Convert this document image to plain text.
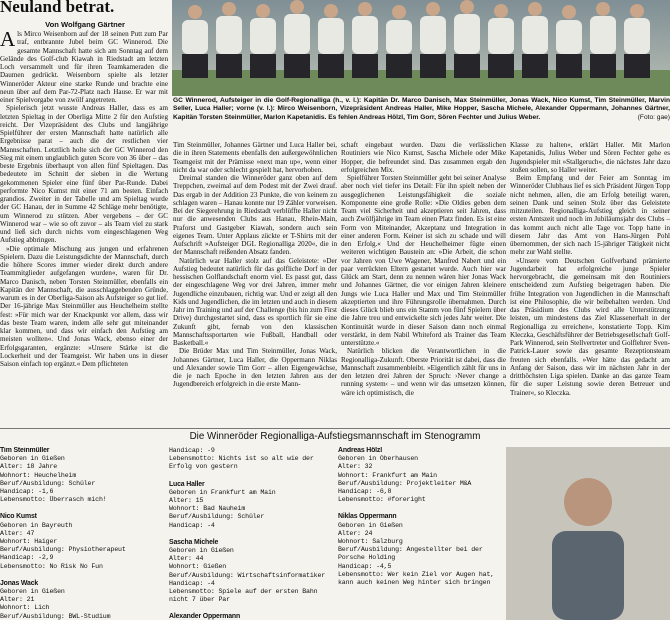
Neuland betrat.
Von Wolfgang Gärtner

Als Mirco Weisenborn auf der 18 seinen Putt zum Par traf, entbrannte Jubel beim GC Winnerod. Die gesamte Mannschaft hatte sich am Sonntag auf dem Gelände des Golf-club Kiawah in Riedstadt am letzten Loch versammelt und für ihren Teamkameraden die Daumen gedrückt. Weisenborn spielte als letzter Winneröder Akteur eine starke Runde und brachte eine neun über auf dem Par-72-Platz nach Hause. Er war mit einer Spielvorgabe von zwölf angetreten.

Spielerisch jetzt wusste Andreas Haller, dass es am letzten Spieltag in der Oberliga Mitte 2 für den Aufstieg reicht. Der Vizepräsident des Clubs und langjährige Spielführer der ersten Mannschaft hatte natürlich alle Ergebnisse parat – auch die der restlichen vier Mannschaften. Letztlich holte sich der GC Winnerod den Sieg mit einem unglaublich guten Score von 36 über – das beste Ergebnis überhaupt von allen fünf Spieltagen. Das bedeutete im Schnitt der sieben in die Wertung gekommenen Spieler eine fünf über Par-Runde. Dabei performte Nico Kumst mit einer 71 am besten. Einfach grandios. Zweiter in der Tabelle und am Spieltag wurde der GC Hanau, der in Summe 42 Schläge mehr benötigte, um Winnerod zu stützen. Aber vergebens – der GC Winnerod war – wie so oft zuvor – als Team viel zu stark und ließ sich durch nichts vom eingeschlagenen Weg Aufstieg abbringen.

»Die optimale Mischung aus jungen und erfahrenen Spielern. Dazu die Leistungsdichte der Mannschaft, durch die höhere Scores immer wieder direkt durch andere Teammitglieder aufgefangen wurden«, waren für Dr. Marco Danisch, neben Torsten Steinmüller, ebenfalls ein Kapitän der Mannschaft, die ausschlaggebenden Gründe, warum es in der Oberliga-Saison als Aufsteiger so gut lief. Der 16-jährige Max Steinmüller aus Heuchelheim stellte fest: »Für mich war der Knackpunkt vor allem, dass wir das beste Team waren, indem alle sehr gut miteinander klar kommen, und dass wir einfach den Aufstieg am meisten wollten«. Und Jonas Wack, ebenso einer der Erfolgsgaranten, ergänzte: »Unsere Stärke ist die Lockerheit und der Teamgeist. Wir haben uns in dieser Saison einfach top ergänzt.« Dem pflichteten

GC Winnerod, Aufsteiger in die Golf-Regionalliga (h., v. l.): Kapitän Dr. Marco Danisch, Max Steinmüller, Jonas Wack, Nico Kumst, Tim Steinmüller, Marvin Seller, Luca Haller; vorne (v. l.): Mirco Weisenborn, Vizepräsident Andreas Haller, Mike Hopper, Sascha Michele, Alexander Oppermann, Johannes Gärtner, Kapitän Torsten Steinmüller, Marlon Kapetanidis. Es fehlen Andreas Hölzl, Tim Gorr, Sören Fechter und Julius Weber.	(Foto: gae)

Tim Steinmüller, Johannes Gärtner und Luca Haller bei, die in ihren Statements ebenfalls den außergewöhnlichen Teamgeist mit der Prämisse »next man up«, wenn einer nicht da war oder schlecht gespielt hat, hervorhoben.

Dreimal standen die Winneröder ganz oben auf dem Treppchen, zweimal auf dem Podest mit der Zwei drauf. Das ergab in der Addition 23 Punkte, die von keinem zu schlagen waren – Hanau konnte nur 19 Zähler vorweisen. Bei der Siegerehrung in Riedstadt verblüffte Haller nicht nur die anwesenden Clubs aus Hanau, Rhein-Main, Praforst und Gastgeber Kiawah, sondern auch sein eigenes Team. Unter Applaus zückte er T-Shirts mit der Aufschrift »Aufsteiger DGL Regionalliga 2020«, die in der Mannschaft reißenden Absatz fanden.

Natürlich war Haller stolz auf das Geleistete: »Der Aufstieg bedeutet natürlich für das golfliche Dorf in der hessischen Golflandschaft enorm viel. Es passt gut, dass der eingeschlagene Weg vor drei Jahren, immer mehr Jugendliche einzubauen, richtig war. Und er zeigt all den Kids und Jugendlichen, die im letzten und auch in diesem Jahr im Training und auf der Challenge (bis hin zum First Drive) durchgestartet sind, dass es sportlich für sie eine Zukunft gibt, fernab von den klassischen Mannschaftssportarten wie Fußball, Handball oder Basketball.«

Die Brüder Max und Tim Steinmüller, Jonas Wack, Johannes Gärtner, Luca Haller, die Oppermann Niklas und Alexander sowie Tim Gorr – allen Eigengewächse, die je nach Epoche in den letzten Jahren aus der Jugendbereich erfolgreich in die erste Mann-

schaft eingebaut wurden. Dazu die verlässlichen Routiniers wie Nico Kumst, Sascha Michele oder Mike Hopper, die befreundet sind. Das zusammen ergab den erfolgreichen Mix.

Spielführer Torsten Steinmüller geht bei seiner Analyse aber noch viel tiefer ins Detail: Für ihn spielt neben der ausgeglichenen Leistungsfähigkeit die soziale Komponente eine große Rolle: »Die Oldies geben dem Team viel Sicherheit und akzeptieren seit Jahren, dass auch Zwölfjährige im Team einen Platz finden. Es ist eine Form von Miteinander, Akzeptanz und Integration in einer anderen Form. Keiner ist sich zu schade und will den Erfolg.« Und der Heuchelheimer fügte einen weiteren wichtigen Baustein an: »Die Arbeit, die schon vor Jahren von Uwe Wagener, Manfred Nabert und ein paar verrückten Eltern gestartet wurde. Auch hier war Glück am Start, denn zu nennen wären hier Jonas Wack und Johannes Gärtner, die vor einigen Jahren kleinere Jungs wie Luca Haller und Max und Tim Steinmüller akzeptierten und ihre Führungsrolle übernahmen. Durch dieses Glück blieb uns ein Stamm von fünf Spielern über die Jahre treu und entwickelte sich jedes Jahr weiter. Die Kontinuität wurde in dieser Saison dann noch einmal verstärkt, in dem Nabil Whiteford als Trainer das Team unterstützte.«

Natürlich blicken die Verantwortlichen in die Regionalliga-Zukunft. Oberste Priorität ist dabei, dass die Mannschaft zusammenbleibt. »Eigentlich zählt für uns in den letzten drei Jahren der Spruch: ›Never change a running system‹ – und wenn wir das umsetzen können, wäre ich optimistisch, die

Klasse zu halten«, erklärt Haller. Mit Marlon Kapetanidis, Julius Weber und Sören Fechter gehe es Jugendspieler mit »Stallgeruch«, die nächstes Jahr dazu stoßen sollen, so Haller weiter.

Beim Empfang und der Feier am Sonntag im Winneröder Clubhaus lief es sich Präsident Jürgen Topp nicht nehmen, allen, die am Erfolg beteiligt waren, seinen Dank und seinen Stolz über das Geleistete mitzuteilen. Regionalliga-Aufstieg gleich in seiner ersten Amtszeit und noch im Jubiläumsjahr des Clubs – das kommt auch nicht alle Tage vor. Topp hatte in diesem Jahr das Amt von Hans-Jürgen Pohl übernommen, der sich nach 15-jähriger Tätigkeit nicht mehr zur Wahl stellte.

»Unsere vom Deutschen Golfverband prämierte Jugendarbeit hat erfolgreiche junge Spieler hervorgebracht, die gemeinsam mit den Routiniers entscheidend zum Aufstieg beigetragen haben. Die frühe Integration von Jugendlichen in die Mannschaft ist eine Philosophie, die wir beibehalten werden. Und das Präsidium des Clubs wird alle Unterstützung leisten, um mindestens das Ziel Klassenerhalt in der Regionalliga zu erreichen«, konstatierte Topp. Kim Kleczka, Geschäftsführer der Betriebsgesellschaft Golf-Park Winnerod, sein Stellvertreter und Golflehrer Sven-Patrick-Lauer sowie das gesamte Rezeptionsteam freuten sich ebenfalls. »Wer hätte das gedacht am Anfang der Saison, dass wir im nächsten Jahr in der dritthöchsten Liga spielen. Danke an das ganze Team für die super Leistung sowie deren Betreuer und Trainer«, so Kleczka.

Die Winneröder Regionalliga-Aufstiegsmannschaft im Stenogramm
Tim Steinmüller
Geboren in Gießen
Alter: 18 Jahre
Wohnort: Heuchelheim
Beruf/Ausbildung: Schüler
Handicap: -1,6
Lebensmotto: Überrasch mich!
Nico Kumst
Geboren in Bayreuth
Alter: 47
Wohnort: Haiger
Beruf/Ausbildung: Physiotherapeut
Handicap: -2,9
Lebensmotto: No Risk No Fun
Jonas Wack
Geboren in Gießen
Alter: 21
Wohnort: Lich
Beruf/Ausbildung: BWL-Studium
Handicap: -9
Lebensmotto: Nichts ist so alt wie der Erfolg von gestern
Luca Haller
Geboren in Frankfurt am Main
Alter: 15
Wohnort: Bad Nauheim
Beruf/Ausbildung: Schüler
Handicap: -4
Sascha Michele
Geboren in Gießen
Alter: 44
Wohnort: Gießen
Beruf/Ausbildung: Wirtschaftsinformatiker
Handicap: -4
Lebensmotto: Spiele auf der ersten Bahn nicht 7 über Par
Alexander Oppermann
Andreas Hölzl
Geboren in Oberhausen
Alter: 32
Wohnort: Frankfurt am Main
Beruf/Ausbildung: Projektleiter M&A
Handicap: -6,8
Lebensmotto: #foreright
Niklas Oppermann
Geboren in Gießen
Alter: 24
Wohnort: Salzburg
Beruf/Ausbildung: Angestellter bei der Porsche Holding
Handicap: -4,5
Lebensmotto: Wer kein Ziel vor Augen hat, kann auch keinen Weg hinter sich bringen
